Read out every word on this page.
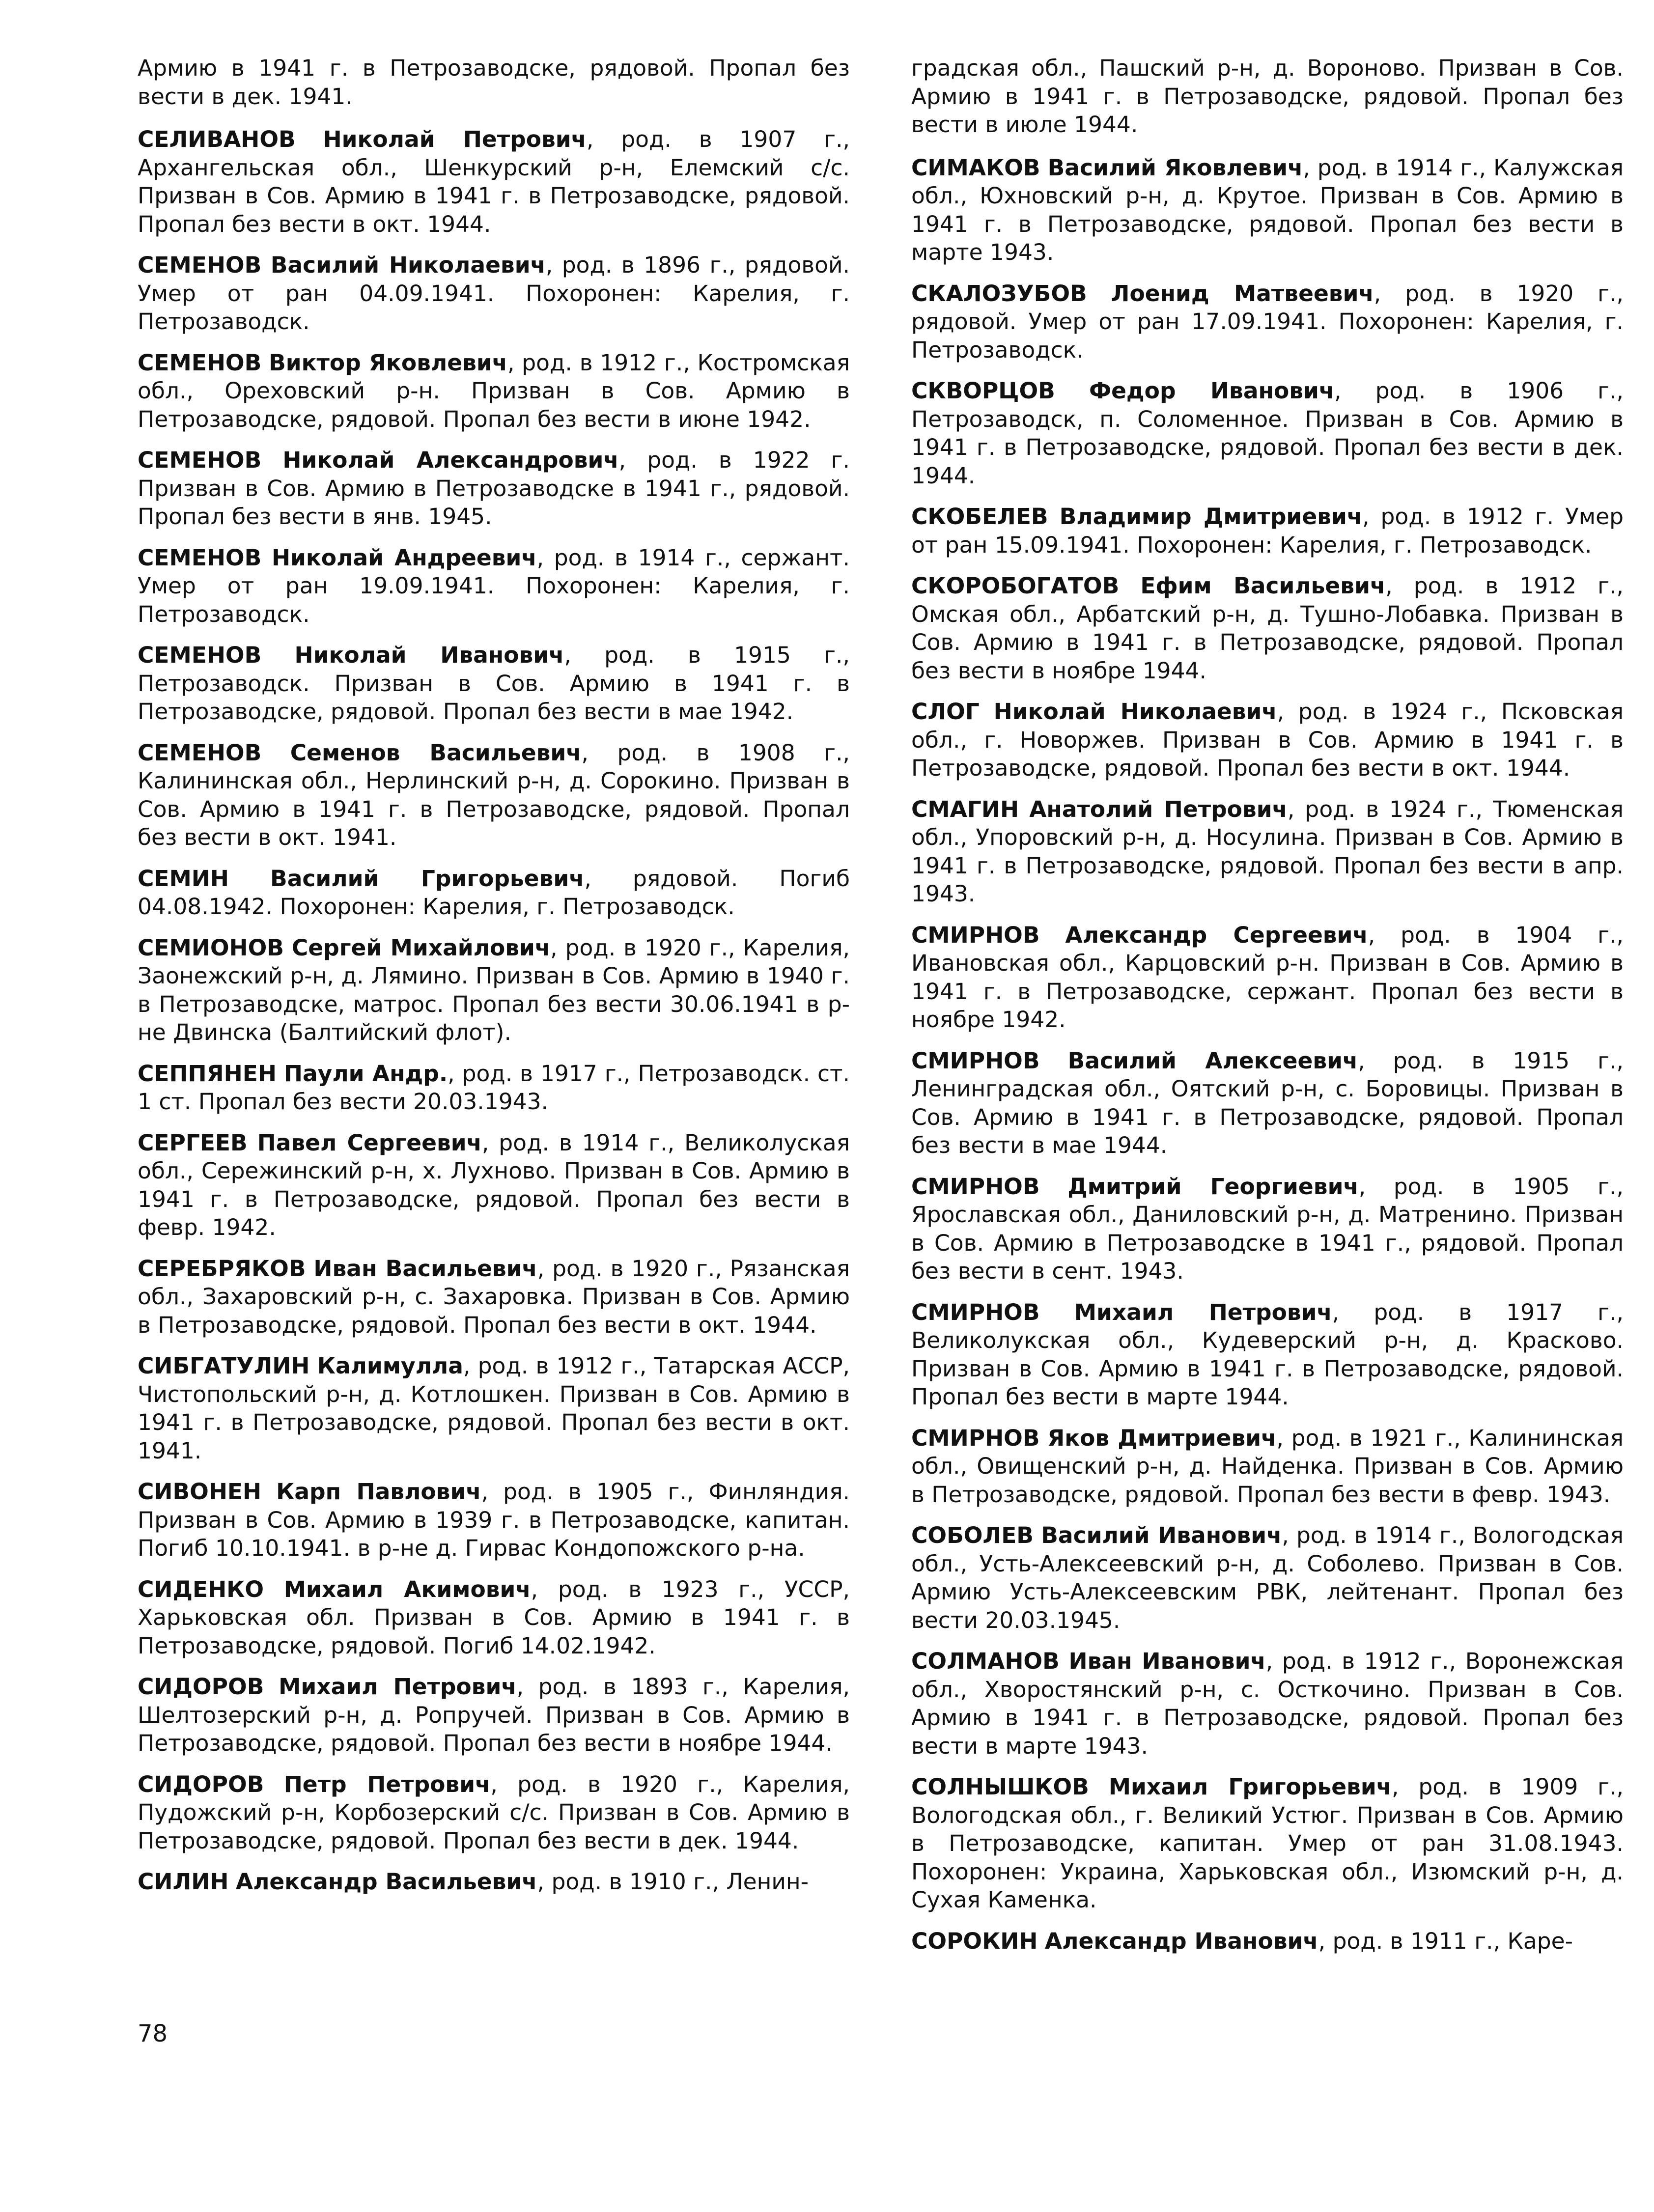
Армию в 1941 г. в Петрозаводске, рядовой. Пропал без вести в дек. 1941.

СЕЛИВАНОВ Николай Петрович, род. в 1907 г., Архангельская обл., Шенкурский р-н, Елемский с/с. Призван в Сов. Армию в 1941 г. в Петрозаводске, рядовой. Пропал без вести в окт. 1944.

СЕМЕНОВ Василий Николаевич, род. в 1896 г., рядовой. Умер от ран 04.09.1941. Похоронен: Карелия, г. Петрозаводск.

СЕМЕНОВ Виктор Яковлевич, род. в 1912 г., Костромская обл., Ореховский р-н. Призван в Сов. Армию в Петрозаводске, рядовой. Пропал без вести в июне 1942.

СЕМЕНОВ Николай Александрович, род. в 1922 г. Призван в Сов. Армию в Петрозаводске в 1941 г., рядовой. Пропал без вести в янв. 1945.

СЕМЕНОВ Николай Андреевич, род. в 1914 г., сержант. Умер от ран 19.09.1941. Похоронен: Карелия, г. Петрозаводск.

СЕМЕНОВ Николай Иванович, род. в 1915 г., Петрозаводск. Призван в Сов. Армию в 1941 г. в Петрозаводске, рядовой. Пропал без вести в мае 1942.

СЕМЕНОВ Семенов Васильевич, род. в 1908 г., Калининская обл., Нерлинский р-н, д. Сорокино. Призван в Сов. Армию в 1941 г. в Петрозаводске, рядовой. Пропал без вести в окт. 1941.

СЕМИН Василий Григорьевич, рядовой. Погиб 04.08.1942. Похоронен: Карелия, г. Петрозаводск.

СЕМИОНОВ Сергей Михайлович, род. в 1920 г., Карелия, Заонежский р-н, д. Лямино. Призван в Сов. Армию в 1940 г. в Петрозаводске, матрос. Пропал без вести 30.06.1941 в р-не Двинска (Балтийский флот).

СЕППЯНЕН Паули Андр., род. в 1917 г., Петрозаводск. ст. 1 ст. Пропал без вести 20.03.1943.

СЕРГЕЕВ Павел Сергеевич, род. в 1914 г., Великолуская обл., Сережинский р-н, х. Лухново. Призван в Сов. Армию в 1941 г. в Петрозаводске, рядовой. Пропал без вести в февр. 1942.

СЕРЕБРЯКОВ Иван Васильевич, род. в 1920 г., Рязанская обл., Захаровский р-н, с. Захаровка. Призван в Сов. Армию в Петрозаводске, рядовой. Пропал без вести в окт. 1944.

СИБГАТУЛИН Калимулла, род. в 1912 г., Татарская АССР, Чистопольский р-н, д. Котлошкен. Призван в Сов. Армию в 1941 г. в Петрозаводске, рядовой. Пропал без вести в окт. 1941.

СИВОНЕН Карп Павлович, род. в 1905 г., Финляндия. Призван в Сов. Армию в 1939 г. в Петрозаводске, капитан. Погиб 10.10.1941. в р-не д. Гирвас Кондопожского р-на.

СИДЕНКО Михаил Акимович, род. в 1923 г., УССР, Харьковская обл. Призван в Сов. Армию в 1941 г. в Петрозаводске, рядовой. Погиб 14.02.1942.

СИДОРОВ Михаил Петрович, род. в 1893 г., Карелия, Шелтозерский р-н, д. Ропручей. Призван в Сов. Армию в Петрозаводске, рядовой. Пропал без вести в ноябре 1944.

СИДОРОВ Петр Петрович, род. в 1920 г., Карелия, Пудожский р-н, Корбозерский с/с. Призван в Сов. Армию в Петрозаводске, рядовой. Пропал без вести в дек. 1944.

СИЛИН Александр Васильевич, род. в 1910 г., Ленин-

градская обл., Пашский р-н, д. Вороново. Призван в Сов. Армию в 1941 г. в Петрозаводске, рядовой. Пропал без вести в июле 1944.

СИМАКОВ Василий Яковлевич, род. в 1914 г., Калужская обл., Юхновский р-н, д. Крутое. Призван в Сов. Армию в 1941 г. в Петрозаводске, рядовой. Пропал без вести в марте 1943.

СКАЛОЗУБОВ Лоенид Матвеевич, род. в 1920 г., рядовой. Умер от ран 17.09.1941. Похоронен: Карелия, г. Петрозаводск.

СКВОРЦОВ Федор Иванович, род. в 1906 г., Петрозаводск, п. Соломенное. Призван в Сов. Армию в 1941 г. в Петрозаводске, рядовой. Пропал без вести в дек. 1944.

СКОБЕЛЕВ Владимир Дмитриевич, род. в 1912 г. Умер от ран 15.09.1941. Похоронен: Карелия, г. Петрозаводск.

СКОРОБОГАТОВ Ефим Васильевич, род. в 1912 г., Омская обл., Арбатский р-н, д. Тушно-Лобавка. Призван в Сов. Армию в 1941 г. в Петрозаводске, рядовой. Пропал без вести в ноябре 1944.

СЛОГ Николай Николаевич, род. в 1924 г., Псковская обл., г. Новоржев. Призван в Сов. Армию в 1941 г. в Петрозаводске, рядовой. Пропал без вести в окт. 1944.

СМАГИН Анатолий Петрович, род. в 1924 г., Тюменская обл., Упоровский р-н, д. Носулина. Призван в Сов. Армию в 1941 г. в Петрозаводске, рядовой. Пропал без вести в апр. 1943.

СМИРНОВ Александр Сергеевич, род. в 1904 г., Ивановская обл., Карцовский р-н. Призван в Сов. Армию в 1941 г. в Петрозаводске, сержант. Пропал без вести в ноябре 1942.

СМИРНОВ Василий Алексеевич, род. в 1915 г., Ленинградская обл., Оятский р-н, с. Боровицы. Призван в Сов. Армию в 1941 г. в Петрозаводске, рядовой. Пропал без вести в мае 1944.

СМИРНОВ Дмитрий Георгиевич, род. в 1905 г., Ярославская обл., Даниловский р-н, д. Матренино. Призван в Сов. Армию в Петрозаводске в 1941 г., рядовой. Пропал без вести в сент. 1943.

СМИРНОВ Михаил Петрович, род. в 1917 г., Великолукская обл., Кудеверский р-н, д. Красково. Призван в Сов. Армию в 1941 г. в Петрозаводске, рядовой. Пропал без вести в марте 1944.

СМИРНОВ Яков Дмитриевич, род. в 1921 г., Калининская обл., Овищенский р-н, д. Найденка. Призван в Сов. Армию в Петрозаводске, рядовой. Пропал без вести в февр. 1943.

СОБОЛЕВ Василий Иванович, род. в 1914 г., Вологодская обл., Усть-Алексеевский р-н, д. Соболево. Призван в Сов. Армию Усть-Алексеевским РВК, лейтенант. Пропал без вести 20.03.1945.

СОЛМАНОВ Иван Иванович, род. в 1912 г., Воронежская обл., Хворостянский р-н, с. Осткочино. Призван в Сов. Армию в 1941 г. в Петрозаводске, рядовой. Пропал без вести в марте 1943.

СОЛНЫШКОВ Михаил Григорьевич, род. в 1909 г., Вологодская обл., г. Великий Устюг. Призван в Сов. Армию в Петрозаводске, капитан. Умер от ран 31.08.1943. Похоронен: Украина, Харьковская обл., Изюмский р-н, д. Сухая Каменка.

СОРОКИН Александр Иванович, род. в 1911 г., Каре-

78
